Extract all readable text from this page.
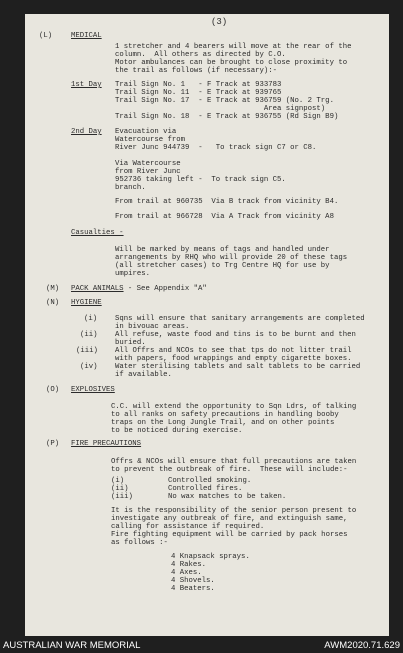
(3)
(L)	MEDICAL
1 stretcher and 4 bearers will move at the rear of the
column.  All others as directed by C.O.
Motor ambulances can be brought to close proximity to
the trail as follows (if necessary):-
1st Day Trail Sign No. 1   - F Track at 933783
Trail Sign No. 11  - E Track at 939765
Trail Sign No. 17  - E Track at 936759 (No. 2 Trg.
Area signpost)
Trail Sign No. 18  - E Track at 936755 (Rd Sign B9)
2nd Day Evacuation via
Watercourse from
River Junc 944739  -   To track sign C7 or C8.
Via Watercourse
from River Junc
952736 taking left -  To track sign C5.
branch.
From trail at 960735  Via B track from vicinity B4.
From trail at 966728  Via A Track from vicinity A8
Casualties -
Will be marked by means of tags and handled under
arrangements by RHQ who will provide 20 of these tags
(all stretcher cases) to Trg Centre HQ for use by
umpires.
(M) PACK ANIMALS - See Appendix "A"
(N) HYGIENE
(i) Sqns will ensure that sanitary arrangements are completed
in bivouac areas.
(ii) All refuse, waste food and tins is to be burnt and then
buried.
(iii) All Offrs and NCOs to see that tps do not litter trail
with papers, food wrappings and empty cigarette boxes.
(iv) Water sterilising tablets and salt tablets to be carried
if available.
(O) EXPLOSIVES
C.C. will extend the opportunity to Sqn Ldrs, of talking
to all ranks on safety precautions in handling booby
traps on the Long Jungle Trail, and on other points
to be noticed during exercise.
(P) FIRE PRECAUTIONS
Offrs & NCOs will ensure that full precautions are taken
to prevent the outbreak of fire.  These will include:-
(i)	Controlled smoking.
(ii)	Controlled fires.
(iii)	No wax matches to be taken.
It is the responsibility of the senior person present to
investigate any outbreak of fire, and extinguish same,
calling for assistance if required.
Fire fighting equipment will be carried by pack horses
as follows :-
4 Knapsack sprays.
4 Rakes.
4 Axes.
4 Shovels.
4 Beaters.
AUSTRALIAN WAR MEMORIAL	AWM2020.71.629
